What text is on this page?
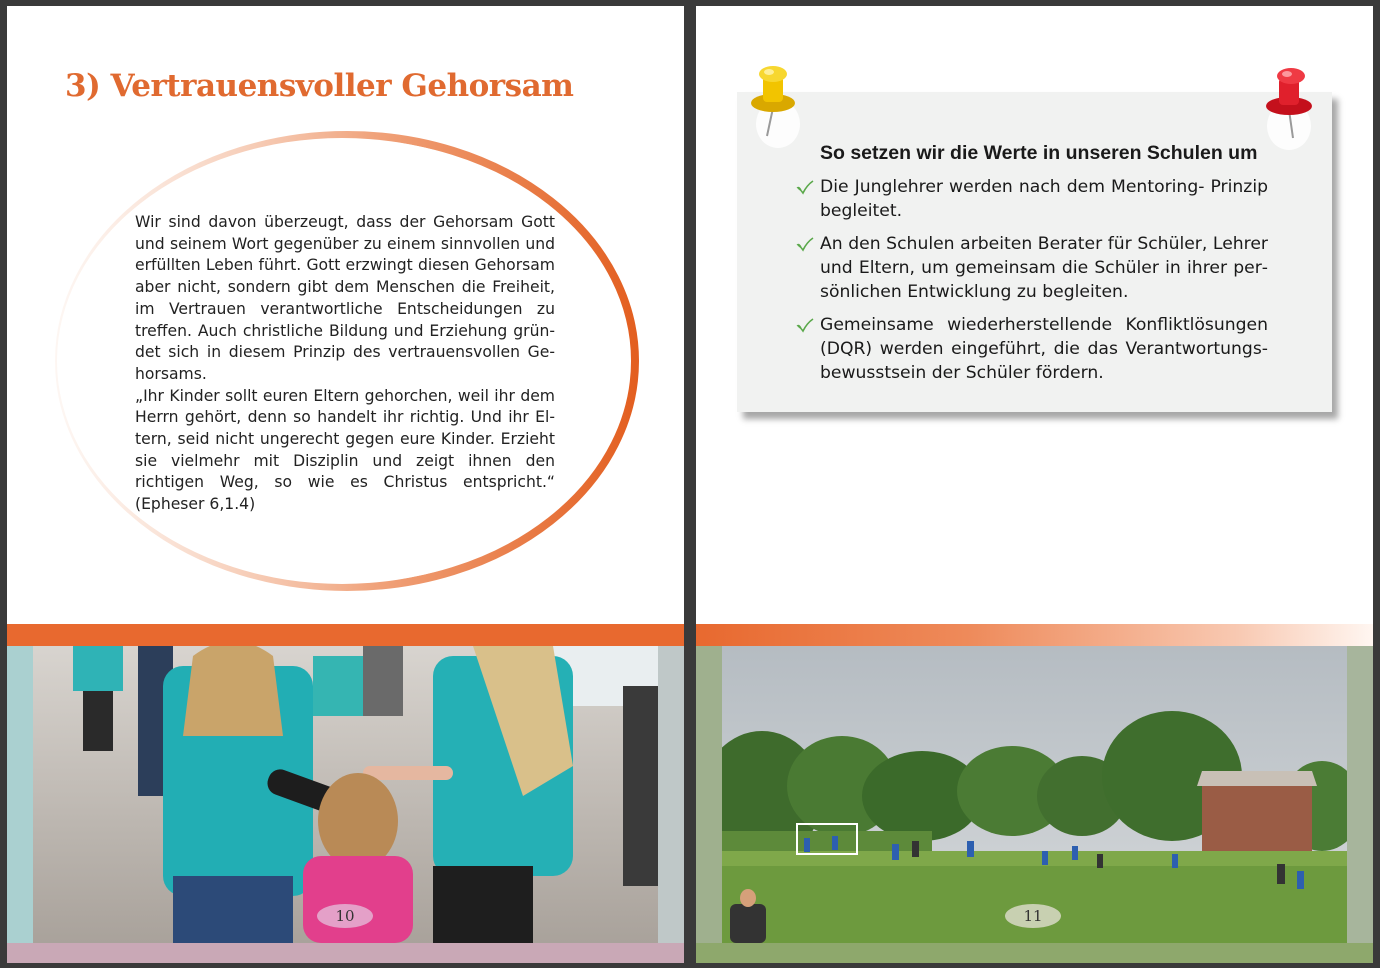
3) Vertrauensvoller Gehorsam

Wir sind davon überzeugt, dass der Gehorsam Gott und seinem Wort gegenüber zu einem sinnvollen und erfüllten Leben führt. Gott erzwingt diesen Gehorsam aber nicht, sondern gibt dem Menschen die Freiheit, im Vertrauen verantwortliche Entscheidungen zu treffen. Auch christliche Bildung und Erziehung gründet sich in diesem Prinzip des vertrauensvollen Gehorsams.

„Ihr Kinder sollt euren Eltern gehorchen, weil ihr dem Herrn gehört, denn so handelt ihr richtig. Und ihr Eltern, seid nicht ungerecht gegen eure Kinder. Erzieht sie vielmehr mit Disziplin und zeigt ihnen den richtigen Weg, so wie es Christus entspricht.“ (Epheser 6,1.4)

10

So setzen wir die Werte in unseren Schulen um

Die Junglehrer werden nach dem Mentoring- Prinzip begleitet.
An den Schulen arbeiten Berater für Schüler, Lehrer und Eltern, um gemeinsam die Schüler in ihrer persönlichen Entwicklung zu begleiten.
Gemeinsame wiederherstellende Konfliktlösungen (DQR) werden eingeführt, die das Verantwortungsbewusstsein der Schüler fördern.
11
